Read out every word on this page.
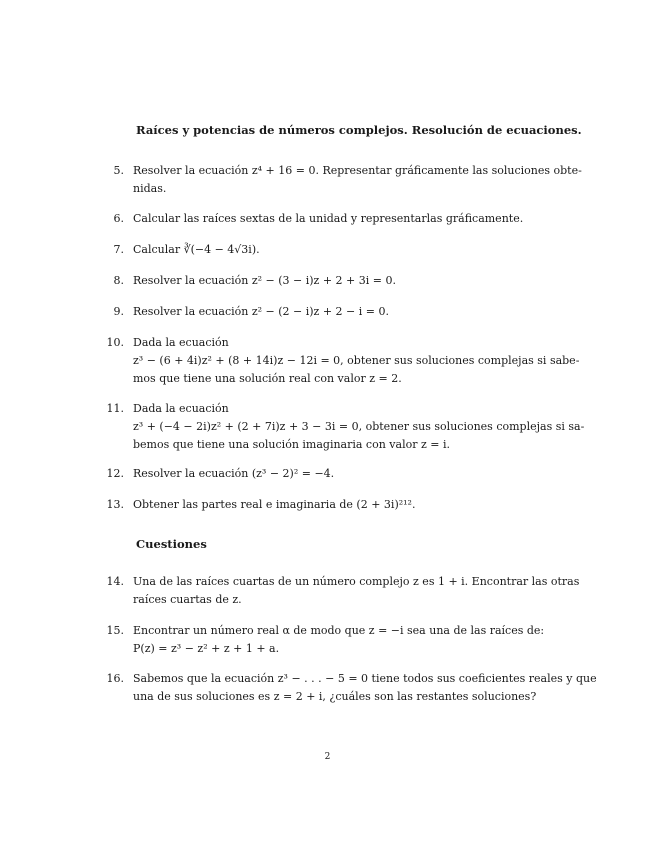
Raíces y potencias de números complejos. Resolución de ecuaciones.
5. Resolver la ecuación z⁴ + 16 = 0. Representar gráficamente las soluciones obte-
nidas.
6. Calcular las raíces sextas de la unidad y representarlas gráficamente.
7. Calcular ∛(−4 − 4√3i).
8. Resolver la ecuación z² − (3 − i)z + 2 + 3i = 0.
9. Resolver la ecuación z² − (2 − i)z + 2 − i = 0.
10. Dada la ecuación
z³ − (6 + 4i)z² + (8 + 14i)z − 12i = 0, obtener sus soluciones complejas si sabe-
mos que tiene una solución real con valor z = 2.
11. Dada la ecuación
z³ + (−4 − 2i)z² + (2 + 7i)z + 3 − 3i = 0, obtener sus soluciones complejas si sa-
bemos que tiene una solución imaginaria con valor z = i.
12. Resolver la ecuación (z³ − 2)² = −4.
13. Obtener las partes real e imaginaria de (2 + 3i)²¹².
Cuestiones
14. Una de las raíces cuartas de un número complejo z es 1 + i. Encontrar las otras
raíces cuartas de z.
15. Encontrar un número real α de modo que z = −i sea una de las raíces de:
P(z) = z³ − z² + z + 1 + a.
16. Sabemos que la ecuación z³ − . . . − 5 = 0 tiene todos sus coeficientes reales y que
una de sus soluciones es z = 2 + i, ¿cuáles son las restantes soluciones?
2
